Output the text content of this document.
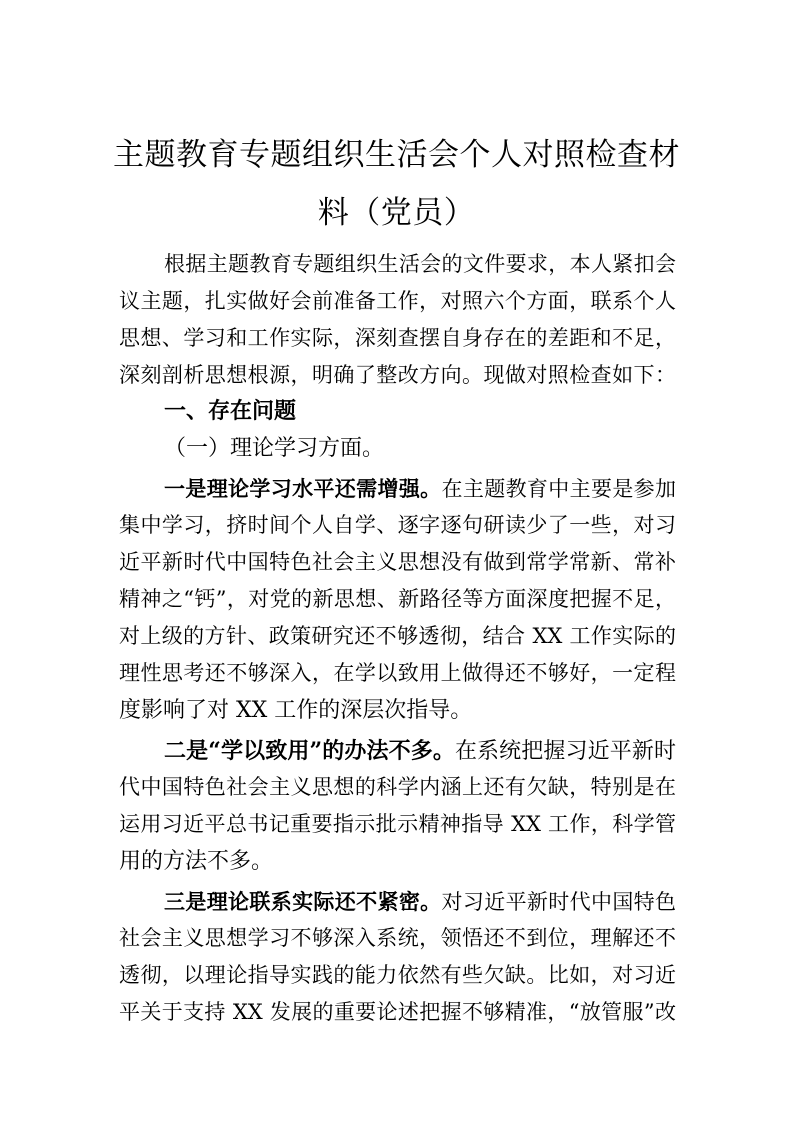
主题教育专题组织生活会个人对照检查材
料（党员）
根据主题教育专题组织生活会的文件要求，本人紧扣会
议主题，扎实做好会前准备工作，对照六个方面，联系个人
思想、学习和工作实际，深刻查摆自身存在的差距和不足，
深刻剖析思想根源，明确了整改方向。现做对照检查如下：
一、存在问题
（一）理论学习方面。
一是理论学习水平还需增强。在主题教育中主要是参加
集中学习，挤时间个人自学、逐字逐句研读少了一些，对习
近平新时代中国特色社会主义思想没有做到常学常新、常补
精神之“钙”，对党的新思想、新路径等方面深度把握不足，
对上级的方针、政策研究还不够透彻，结合 XX 工作实际的
理性思考还不够深入，在学以致用上做得还不够好，一定程
度影响了对 XX 工作的深层次指导。
二是“学以致用”的办法不多。在系统把握习近平新时
代中国特色社会主义思想的科学内涵上还有欠缺，特别是在
运用习近平总书记重要指示批示精神指导 XX 工作，科学管
用的方法不多。
三是理论联系实际还不紧密。对习近平新时代中国特色
社会主义思想学习不够深入系统，领悟还不到位，理解还不
透彻，以理论指导实践的能力依然有些欠缺。比如，对习近
平关于支持 XX 发展的重要论述把握不够精准，“放管服”改
